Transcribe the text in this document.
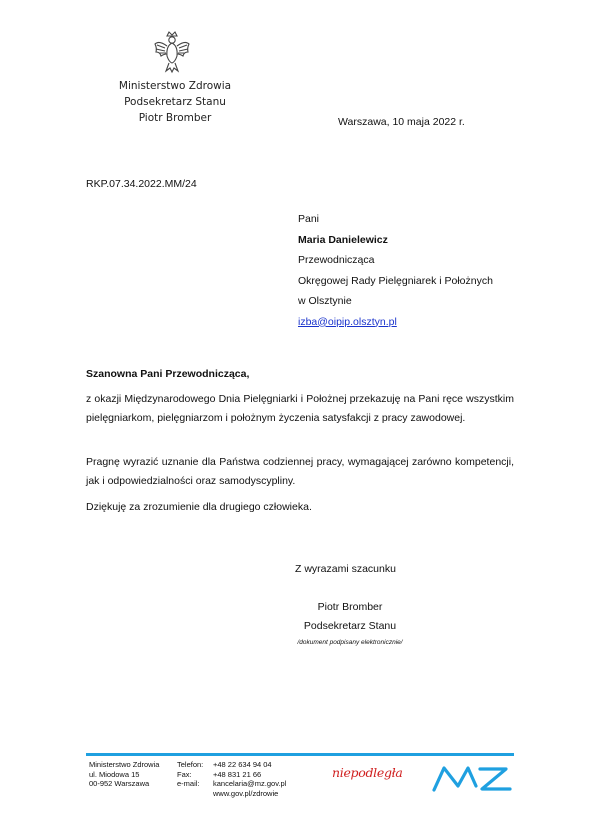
Ministerstwo Zdrowia
Podsekretarz Stanu
Piotr Bromber	Warszawa, 10 maja 2022 r.
RKP.07.34.2022.MM/24
Pani
Maria Danielewicz
Przewodnicząca
Okręgowej Rady Pielęgniarek i Położnych
w Olsztynie
izba@oipip.olsztyn.pl
Szanowna Pani Przewodnicząca,
z okazji Międzynarodowego Dnia Pielęgniarki i Położnej przekazuję na Pani ręce wszystkim pielęgniarkom, pielęgniarzom i położnym życzenia satysfakcji z pracy zawodowej.
Pragnę wyrazić uznanie dla Państwa codziennej pracy, wymagającej zarówno kompetencji, jak i odpowiedzialności oraz samodyscypliny.
Dziękuję za zrozumienie dla drugiego człowieka.
Z wyrazami szacunku
Piotr Bromber
Podsekretarz Stanu
/dokument podpisany elektronicznie/
Ministerstwo Zdrowia
ul. Miodowa 15
00-952 Warszawa
Telefon:	+48 22 634 94 04
Fax:	+48 831 21 66
e-mail:	kancelaria@mz.gov.pl
www.gov.pl/zdrowie
niepodległa
